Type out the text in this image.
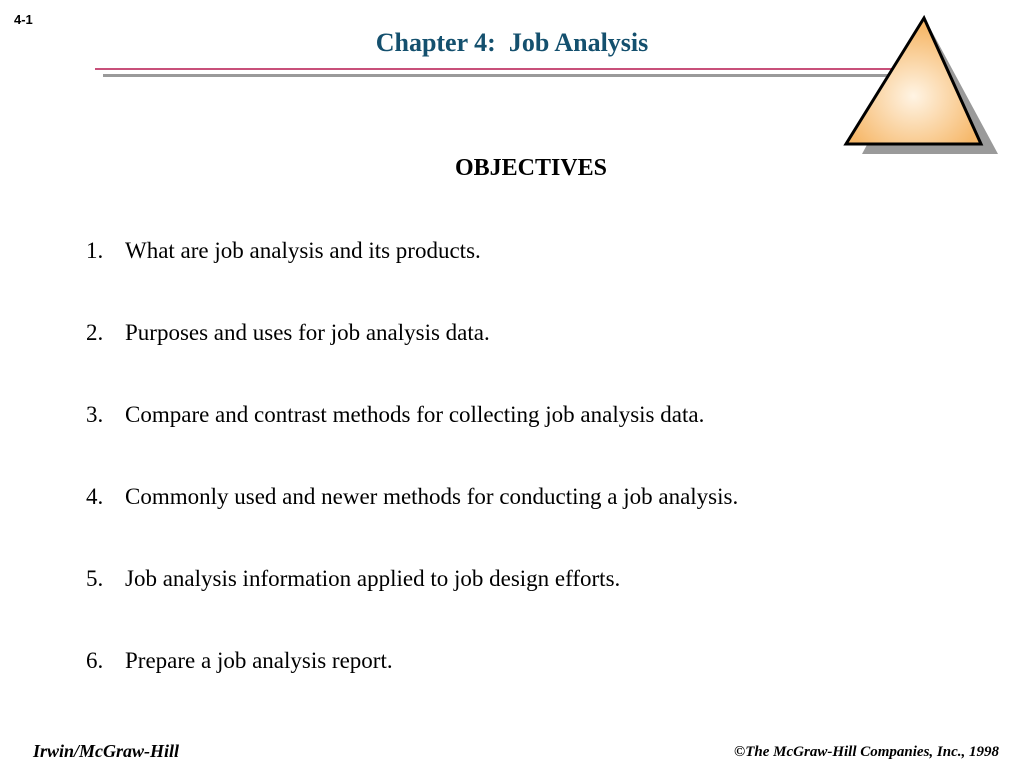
4-1
Chapter 4:  Job Analysis
OBJECTIVES
1. What are job analysis and its products.
2. Purposes and uses for job analysis data.
3. Compare and contrast methods for collecting job analysis data.
4. Commonly used and newer methods for conducting a job analysis.
5. Job analysis information applied to job design efforts.
6. Prepare a job analysis report.
Irwin/McGraw-Hill	©The McGraw-Hill Companies, Inc., 1998
